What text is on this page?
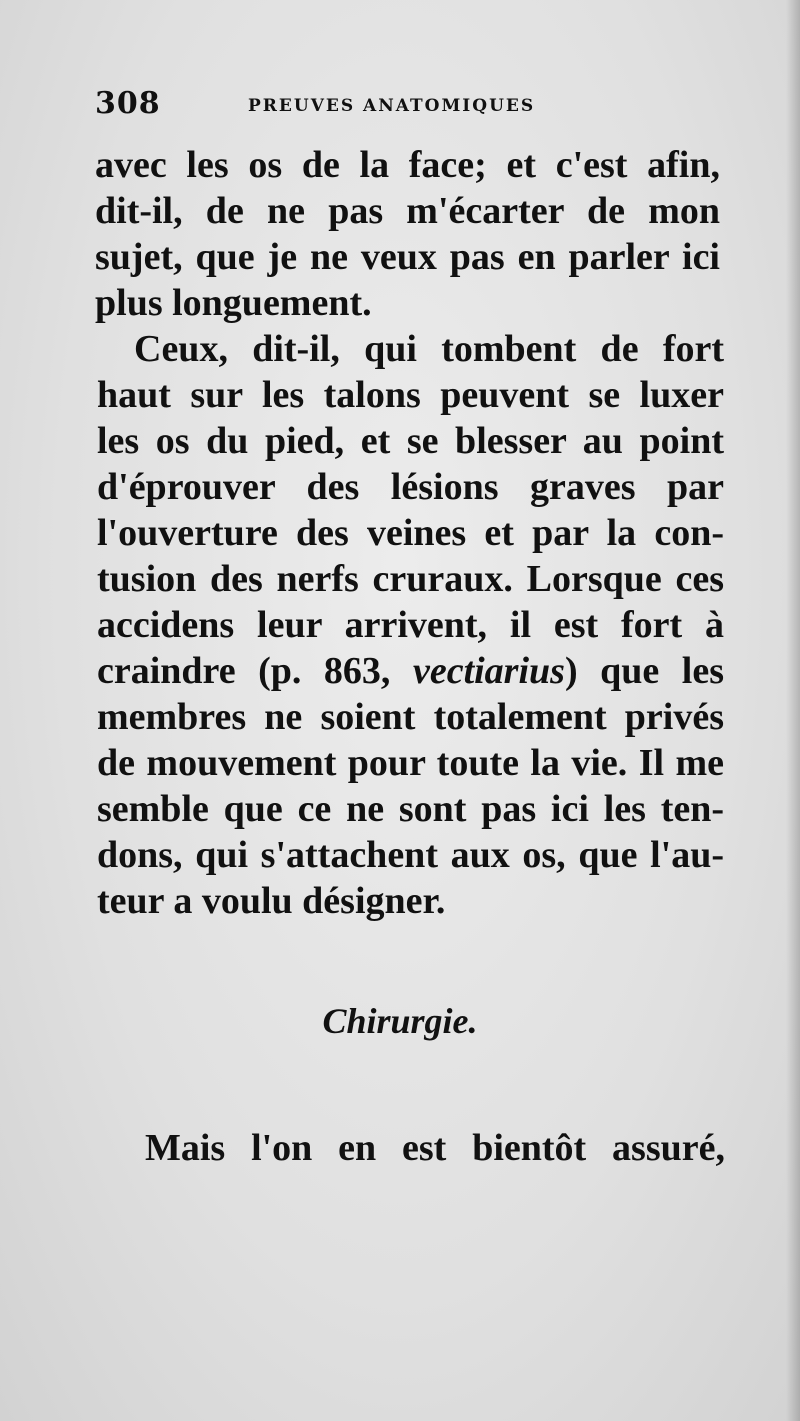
308	PREUVES ANATOMIQUES
avec les os de la face; et c'est afin,
dit-il, de ne pas m'écarter de mon
sujet, que je ne veux pas en parler ici
plus longuement.
Ceux, dit-il, qui tombent de fort
haut sur les talons peuvent se luxer
les os du pied, et se blesser au point
d'éprouver des lésions graves par
l'ouverture des veines et par la con-
tusion des nerfs cruraux. Lorsque ces
accidens leur arrivent, il est fort à
craindre (p. 863, vectiarius) que les
membres ne soient totalement privés
de mouvement pour toute la vie. Il me
semble que ce ne sont pas ici les ten-
dons, qui s'attachent aux os, que l'au-
teur a voulu désigner.
Chirurgie.
Mais l'on en est bientôt assuré,
